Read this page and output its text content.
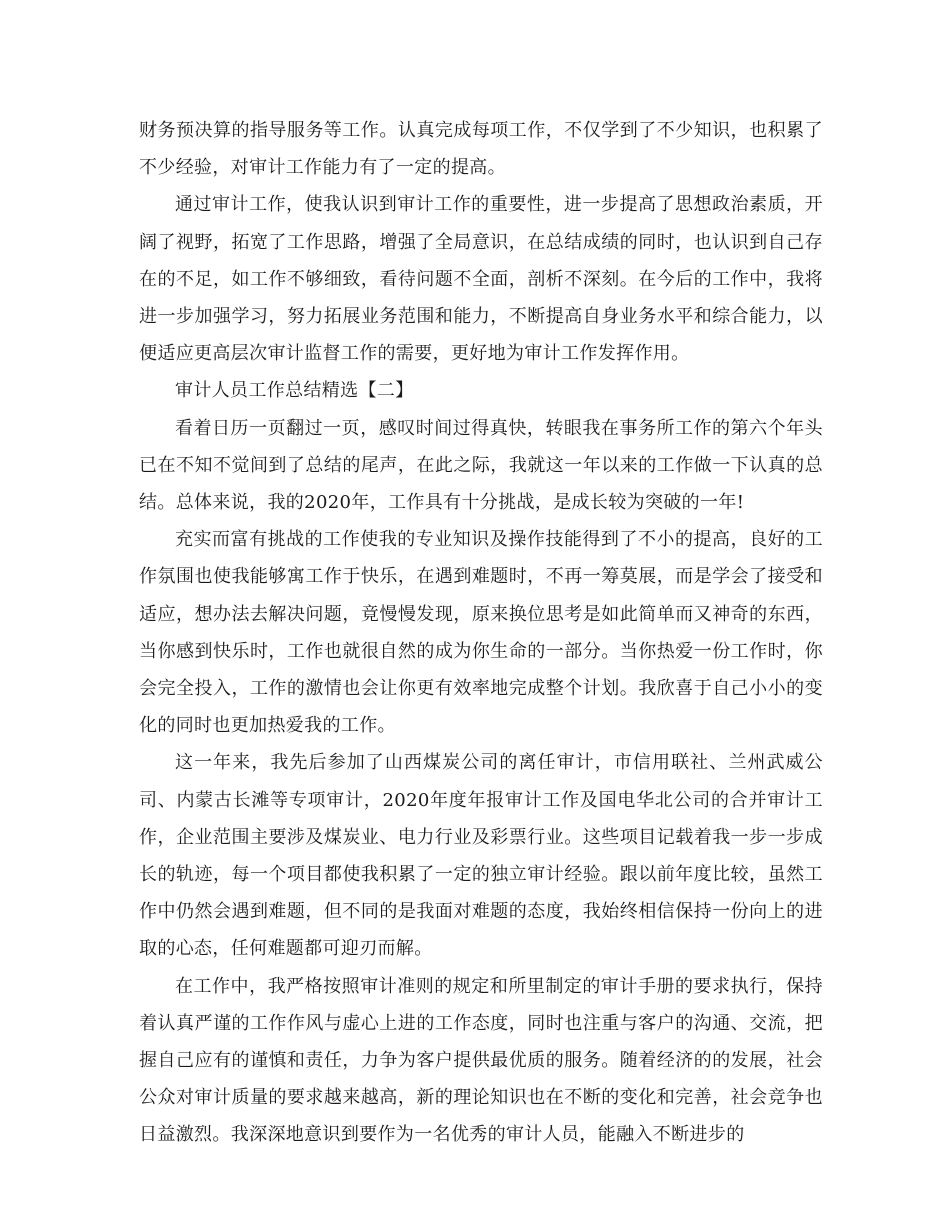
财务预决算的指导服务等工作。认真完成每项工作，不仅学到了不少知识，也积累了不少经验，对审计工作能力有了一定的提高。

通过审计工作，使我认识到审计工作的重要性，进一步提高了思想政治素质，开阔了视野，拓宽了工作思路，增强了全局意识，在总结成绩的同时，也认识到自己存在的不足，如工作不够细致，看待问题不全面，剖析不深刻。在今后的工作中，我将进一步加强学习，努力拓展业务范围和能力，不断提高自身业务水平和综合能力，以便适应更高层次审计监督工作的需要，更好地为审计工作发挥作用。

审计人员工作总结精选【二】

看着日历一页翻过一页，感叹时间过得真快，转眼我在事务所工作的第六个年头已在不知不觉间到了总结的尾声，在此之际，我就这一年以来的工作做一下认真的总结。总体来说，我的2020年，工作具有十分挑战，是成长较为突破的一年!

充实而富有挑战的工作使我的专业知识及操作技能得到了不小的提高，良好的工作氛围也使我能够寓工作于快乐，在遇到难题时，不再一筹莫展，而是学会了接受和适应，想办法去解决问题，竟慢慢发现，原来换位思考是如此简单而又神奇的东西，当你感到快乐时，工作也就很自然的成为你生命的一部分。当你热爱一份工作时，你会完全投入，工作的激情也会让你更有效率地完成整个计划。我欣喜于自己小小的变化的同时也更加热爱我的工作。

这一年来，我先后参加了山西煤炭公司的离任审计，市信用联社、兰州武威公司、内蒙古长滩等专项审计，2020年度年报审计工作及国电华北公司的合并审计工作，企业范围主要涉及煤炭业、电力行业及彩票行业。这些项目记载着我一步一步成长的轨迹，每一个项目都使我积累了一定的独立审计经验。跟以前年度比较，虽然工作中仍然会遇到难题，但不同的是我面对难题的态度，我始终相信保持一份向上的进取的心态，任何难题都可迎刃而解。

在工作中，我严格按照审计准则的规定和所里制定的审计手册的要求执行，保持着认真严谨的工作作风与虚心上进的工作态度，同时也注重与客户的沟通、交流，把握自己应有的谨慎和责任，力争为客户提供最优质的服务。随着经济的的发展，社会公众对审计质量的要求越来越高，新的理论知识也在不断的变化和完善，社会竞争也日益激烈。我深深地意识到要作为一名优秀的审计人员，能融入不断进步的
